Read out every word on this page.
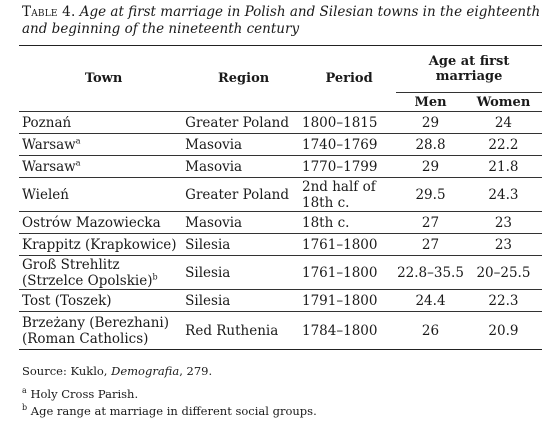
Table 4. Age at first marriage in Polish and Silesian towns in the eighteenth and beginning of the nineteenth century
Town	Region	Period	Age at first marriage	
			Men	Women
Poznań	Greater Poland	1800–1815	29	24
Warsaw$^a$	Masovia	1740–1769	28.8	22.2
Warsaw$^a$	Masovia	1770–1799	29	21.8
Wieleń	Greater Poland	2nd half of 18th c.	29.5	24.3
Ostrów Mazowiecka	Masovia	18th c.	27	23
Krappitz (Krapkowice)	Silesia	1761–1800	27	23
Groß Strehlitz (Strzelce Opolskie)$^b$	Silesia	1761–1800	22.8–35.5	20–25.5
Tost (Toszek)	Silesia	1791–1800	24.4	22.3
Brzeżany (Berezhani) (Roman Catholics)	Red Ruthenia	1784–1800	26	20.9
Source: Kuklo, Demografia, 279.
$^a$ Holy Cross Parish.
$^b$ Age range at marriage in different social groups.
